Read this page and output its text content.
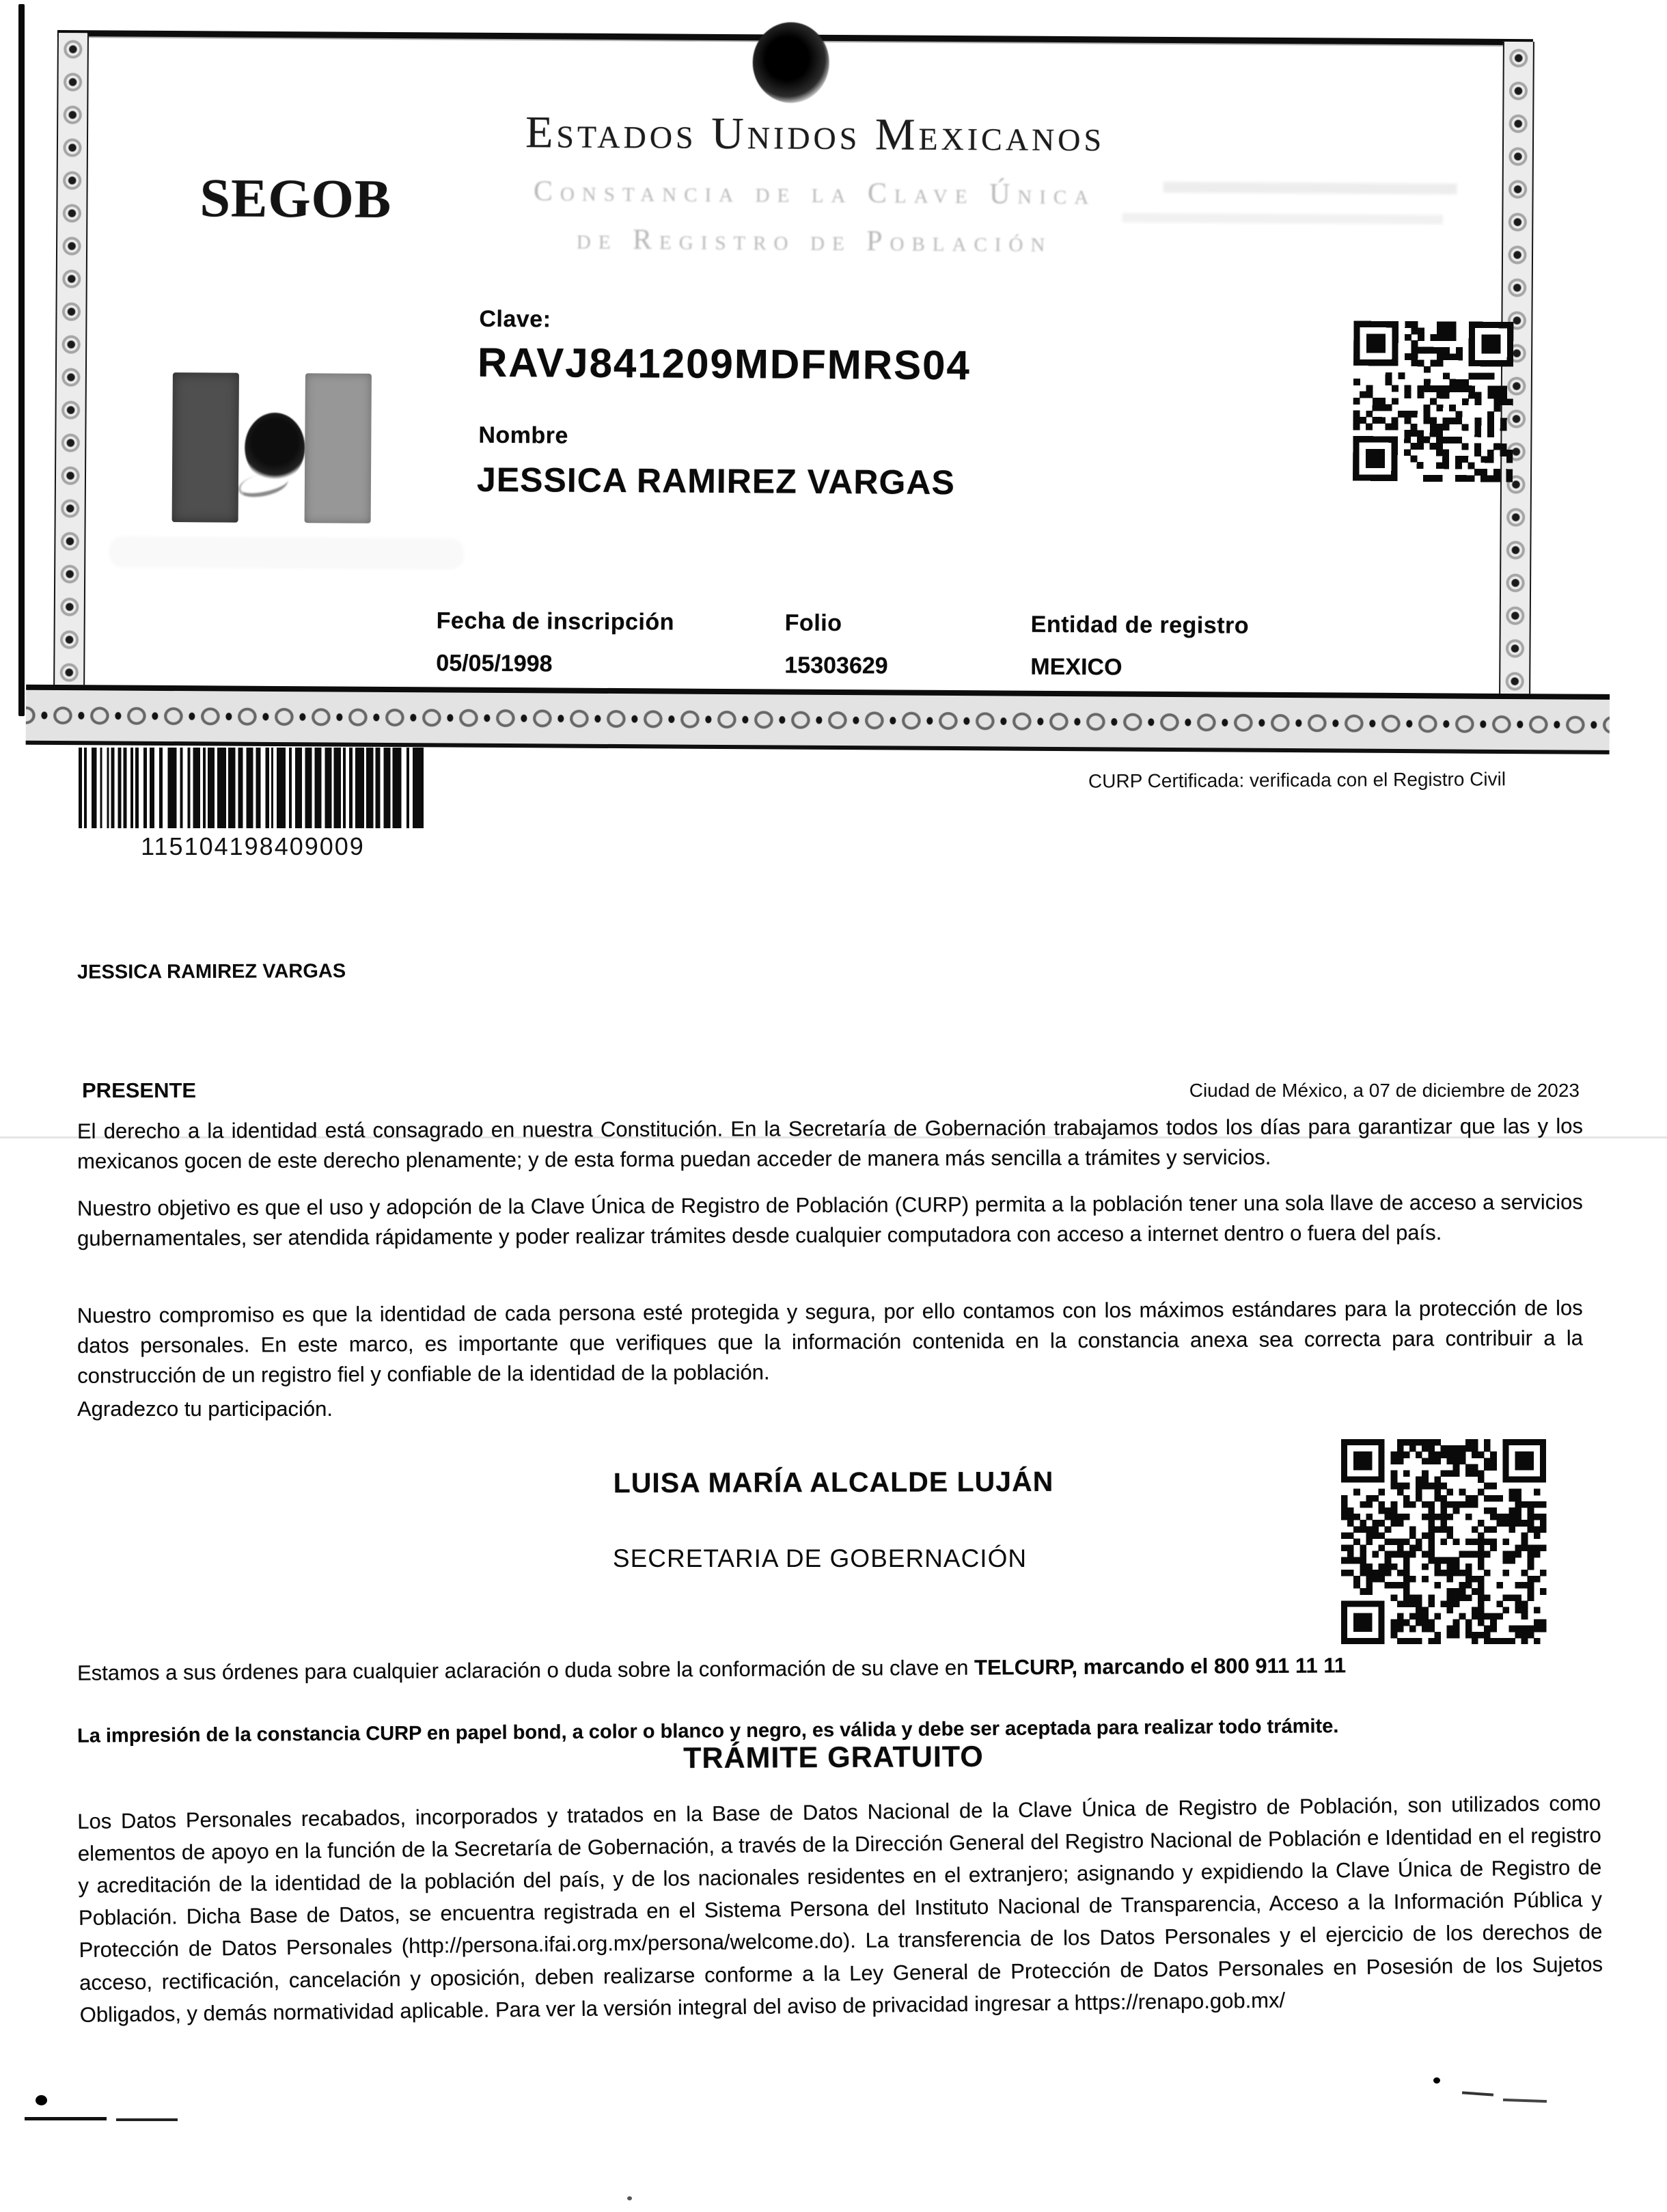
SEGOB
Estados Unidos Mexicanos
Constancia de la Clave Única
de Registro de Población
Clave:
RAVJ841209MDFMRS04
Nombre
JESSICA RAMIREZ VARGAS
Fecha de inscripción
05/05/1998
Folio
15303629
Entidad de registro
MEXICO
115104198409009
CURP Certificada: verificada con el Registro Civil
JESSICA RAMIREZ VARGAS
PRESENTE	Ciudad de México, a 07 de diciembre de 2023
El derecho a la identidad está consagrado en nuestra Constitución. En la Secretaría de Gobernación trabajamos todos los días para garantizar que las y los mexicanos gocen de este derecho plenamente; y de esta forma puedan acceder de manera más sencilla a trámites y servicios.
Nuestro objetivo es que el uso y adopción de la Clave Única de Registro de Población (CURP) permita a la población tener una sola llave de acceso a servicios gubernamentales, ser atendida rápidamente y poder realizar trámites desde cualquier computadora con acceso a internet dentro o fuera del país.
Nuestro compromiso es que la identidad de cada persona esté protegida y segura, por ello contamos con los máximos estándares para la protección de los datos personales. En este marco, es importante que verifiques que la información contenida en la constancia anexa sea correcta para contribuir a la construcción de un registro fiel y confiable de la identidad de la población.
Agradezco tu participación.
LUISA MARÍA ALCALDE LUJÁN
SECRETARIA DE GOBERNACIÓN
Estamos a sus órdenes para cualquier aclaración o duda sobre la conformación de su clave en TELCURP, marcando el 800 911 11 11
La impresión de la constancia CURP en papel bond, a color o blanco y negro, es válida y debe ser aceptada para realizar todo trámite.
TRÁMITE GRATUITO
Los Datos Personales recabados, incorporados y tratados en la Base de Datos Nacional de la Clave Única de Registro de Población, son utilizados como elementos de apoyo en la función de la Secretaría de Gobernación, a través de la Dirección General del Registro Nacional de Población e Identidad en el registro y acreditación de la identidad de la población del país, y de los nacionales residentes en el extranjero; asignando y expidiendo la Clave Única de Registro de Población. Dicha Base de Datos, se encuentra registrada en el Sistema Persona del Instituto Nacional de Transparencia, Acceso a la Información Pública y Protección de Datos Personales (http://persona.ifai.org.mx/persona/welcome.do). La transferencia de los Datos Personales y el ejercicio de los derechos de acceso, rectificación, cancelación y oposición, deben realizarse conforme a la Ley General de Protección de Datos Personales en Posesión de los Sujetos Obligados, y demás normatividad aplicable. Para ver la versión integral del aviso de privacidad ingresar a https://renapo.gob.mx/
